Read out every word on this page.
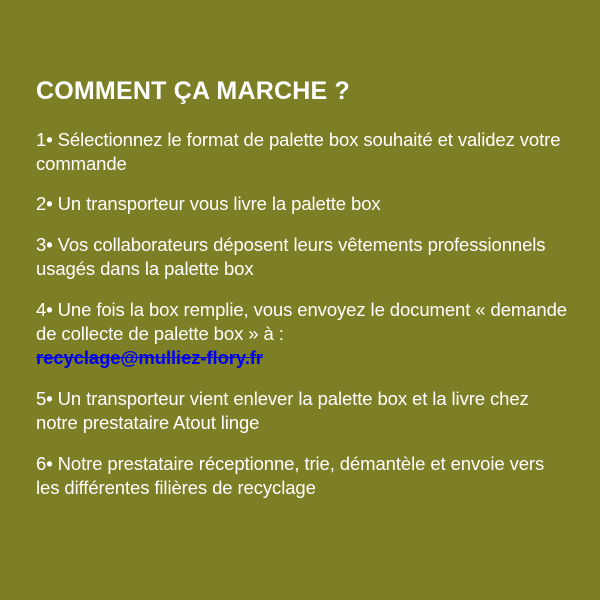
COMMENT ÇA MARCHE ?
1• Sélectionnez le format de palette box souhaité et validez votre commande
2• Un transporteur vous livre la palette box
3• Vos collaborateurs déposent leurs vêtements professionnels usagés dans la palette box
4• Une fois la box remplie, vous envoyez le document « demande de collecte de palette box » à :
recyclage@mulliez-flory.fr
5• Un transporteur vient enlever la palette box et la livre chez notre prestataire Atout linge
6• Notre prestataire réceptionne, trie, démantèle et envoie vers les différentes filières de recyclage
